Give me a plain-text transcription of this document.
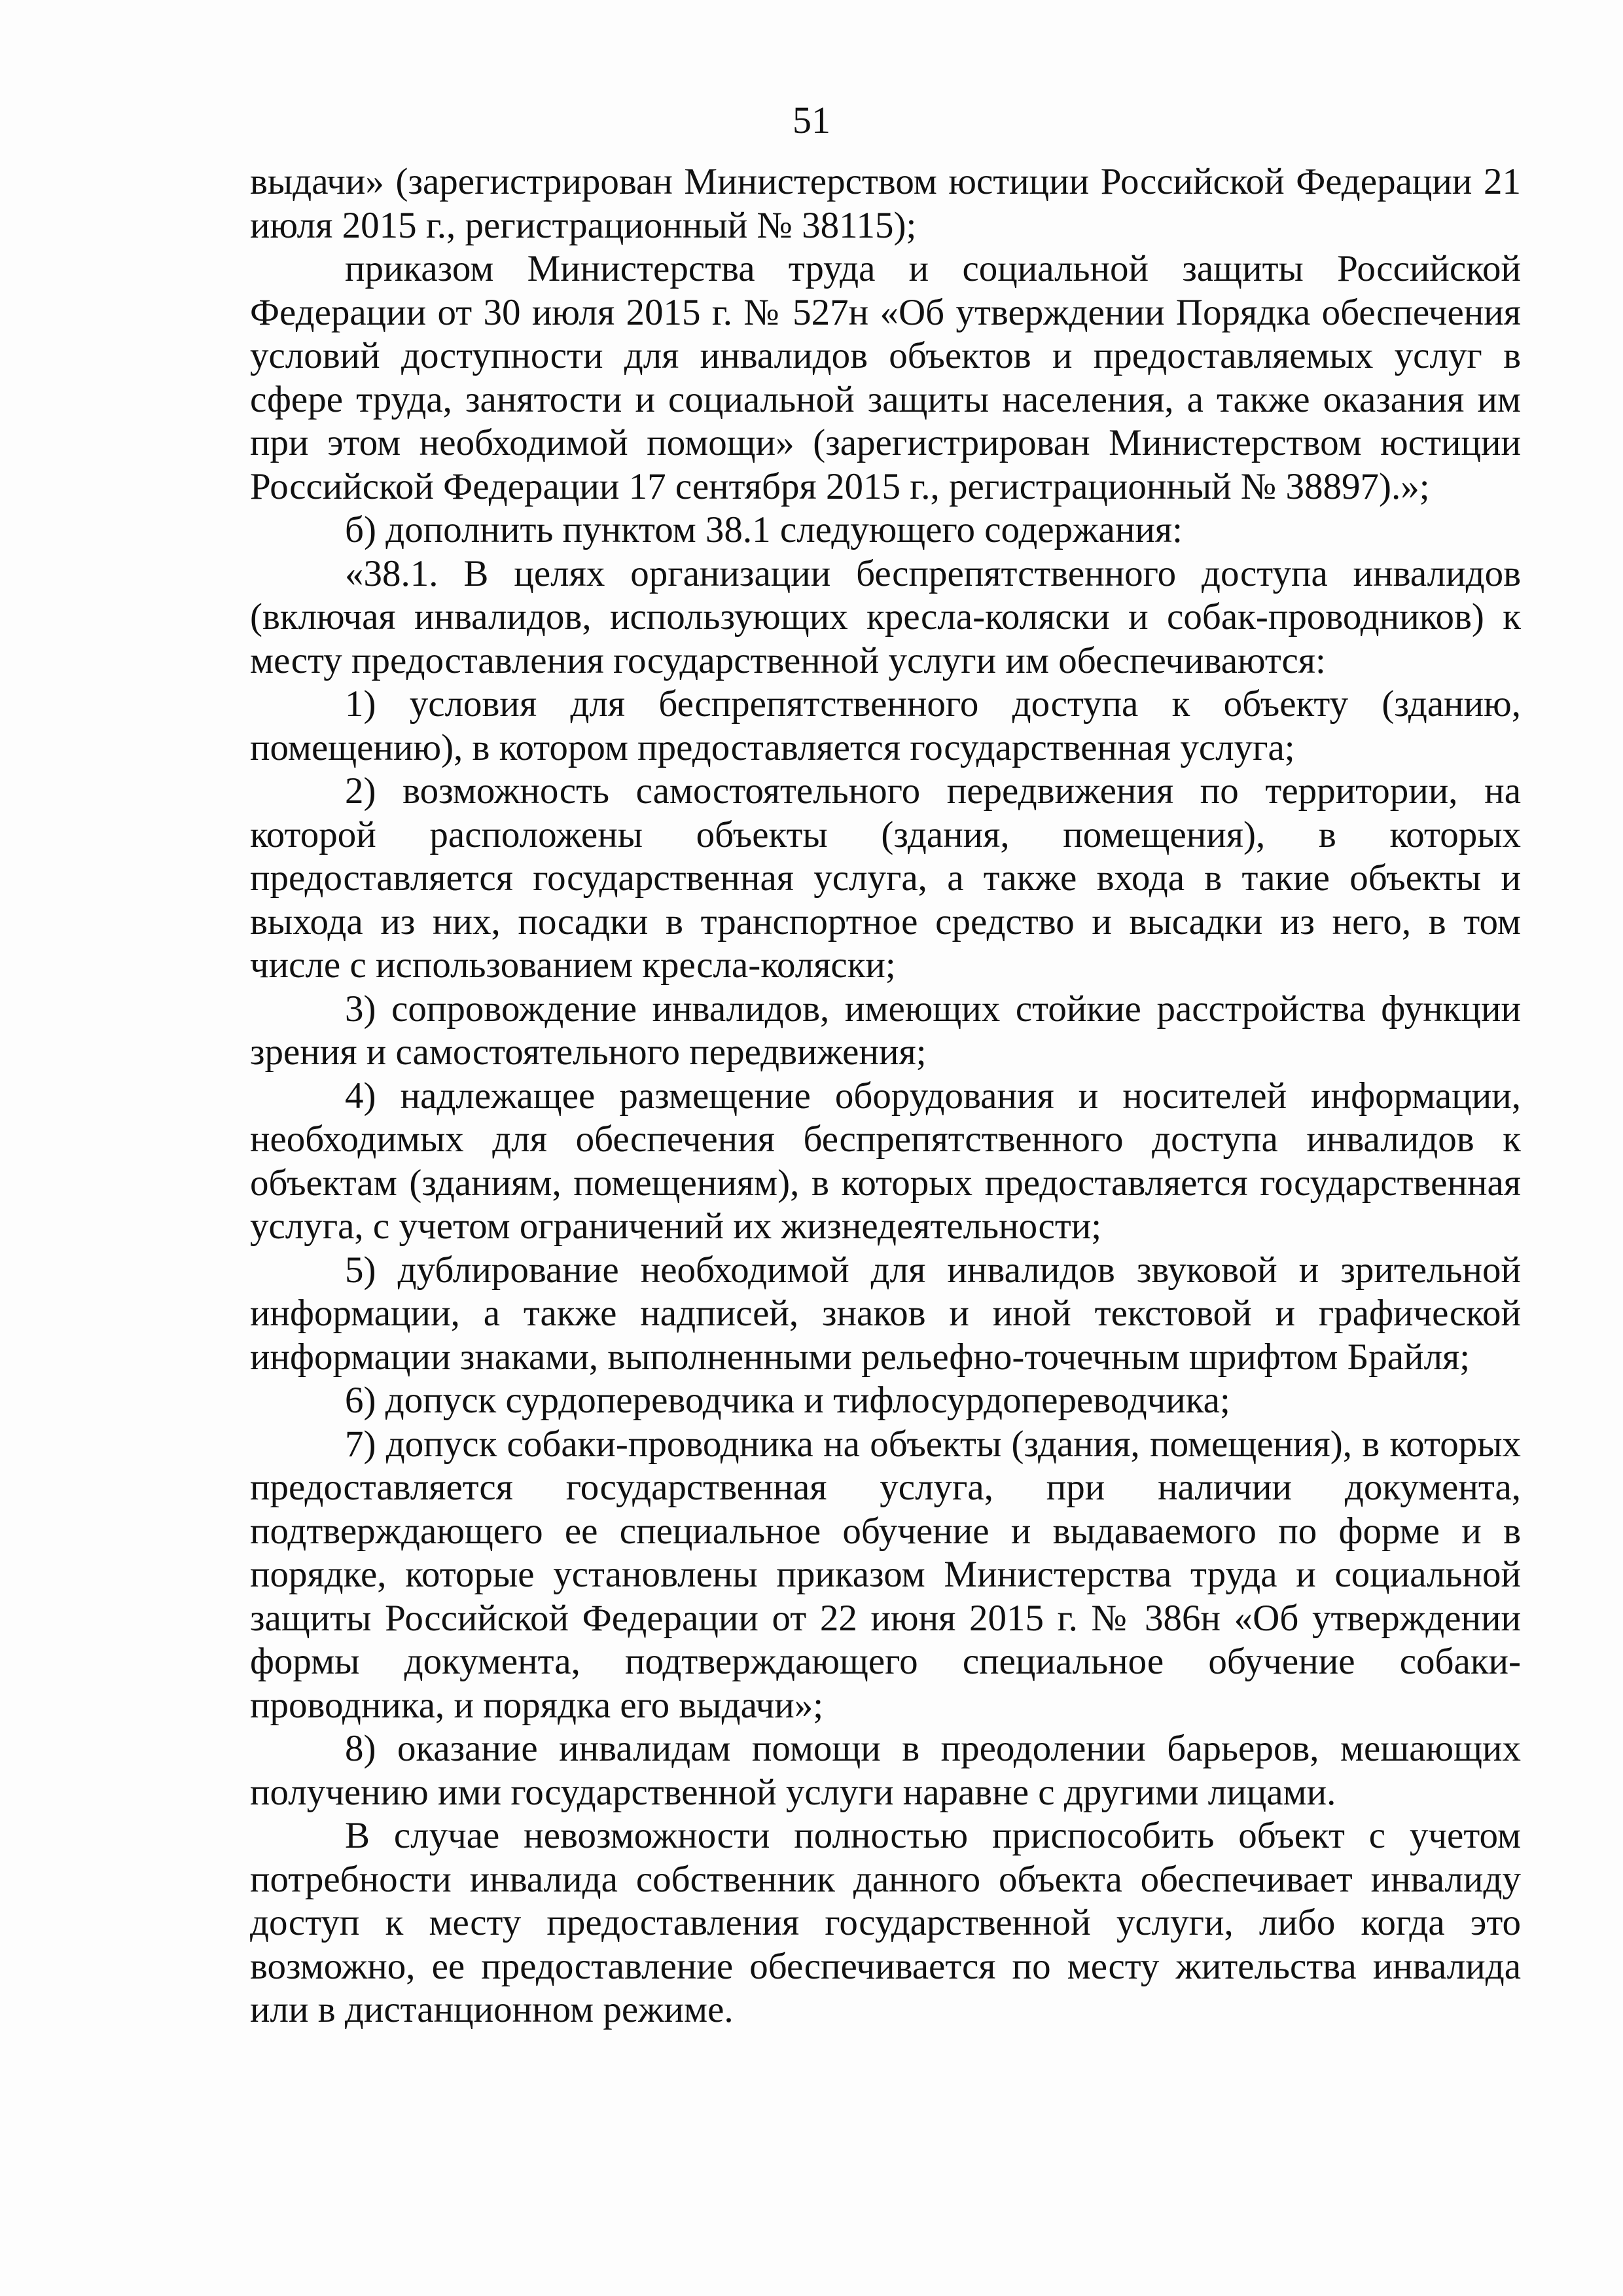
51

выдачи» (зарегистрирован Министерством юстиции Российской Федерации 21 июля 2015 г., регистрационный № 38115);

приказом Министерства труда и социальной защиты Российской Федерации от 30 июля 2015 г. № 527н «Об утверждении Порядка обеспечения условий доступности для инвалидов объектов и предоставляемых услуг в сфере труда, занятости и социальной защиты населения, а также оказания им при этом необходимой помощи» (зарегистрирован Министерством юстиции Российской Федерации 17 сентября 2015 г., регистрационный № 38897).»;

б) дополнить пунктом 38.1 следующего содержания:

«38.1. В целях организации беспрепятственного доступа инвалидов (включая инвалидов, использующих кресла-коляски и собак-проводников) к месту предоставления государственной услуги им обеспечиваются:

1) условия для беспрепятственного доступа к объекту (зданию, помещению), в котором предоставляется государственная услуга;

2) возможность самостоятельного передвижения по территории, на которой расположены объекты (здания, помещения), в которых предоставляется государственная услуга, а также входа в такие объекты и выхода из них, посадки в транспортное средство и высадки из него, в том числе с использованием кресла-коляски;

3) сопровождение инвалидов, имеющих стойкие расстройства функции зрения и самостоятельного передвижения;

4) надлежащее размещение оборудования и носителей информации, необходимых для обеспечения беспрепятственного доступа инвалидов к объектам (зданиям, помещениям), в которых предоставляется государственная услуга, с учетом ограничений их жизнедеятельности;

5) дублирование необходимой для инвалидов звуковой и зрительной информации, а также надписей, знаков и иной текстовой и графической информации знаками, выполненными рельефно-точечным шрифтом Брайля;

6) допуск сурдопереводчика и тифлосурдопереводчика;

7) допуск собаки-проводника на объекты (здания, помещения), в которых предоставляется государственная услуга, при наличии документа, подтверждающего ее специальное обучение и выдаваемого по форме и в порядке, которые установлены приказом Министерства труда и социальной защиты Российской Федерации от 22 июня 2015 г. № 386н «Об утверждении формы документа, подтверждающего специальное обучение собаки-проводника, и порядка его выдачи»;

8) оказание инвалидам помощи в преодолении барьеров, мешающих получению ими государственной услуги наравне с другими лицами.

В случае невозможности полностью приспособить объект с учетом потребности инвалида собственник данного объекта обеспечивает инвалиду доступ к месту предоставления государственной услуги, либо когда это возможно, ее предоставление обеспечивается по месту жительства инвалида или в дистанционном режиме.
